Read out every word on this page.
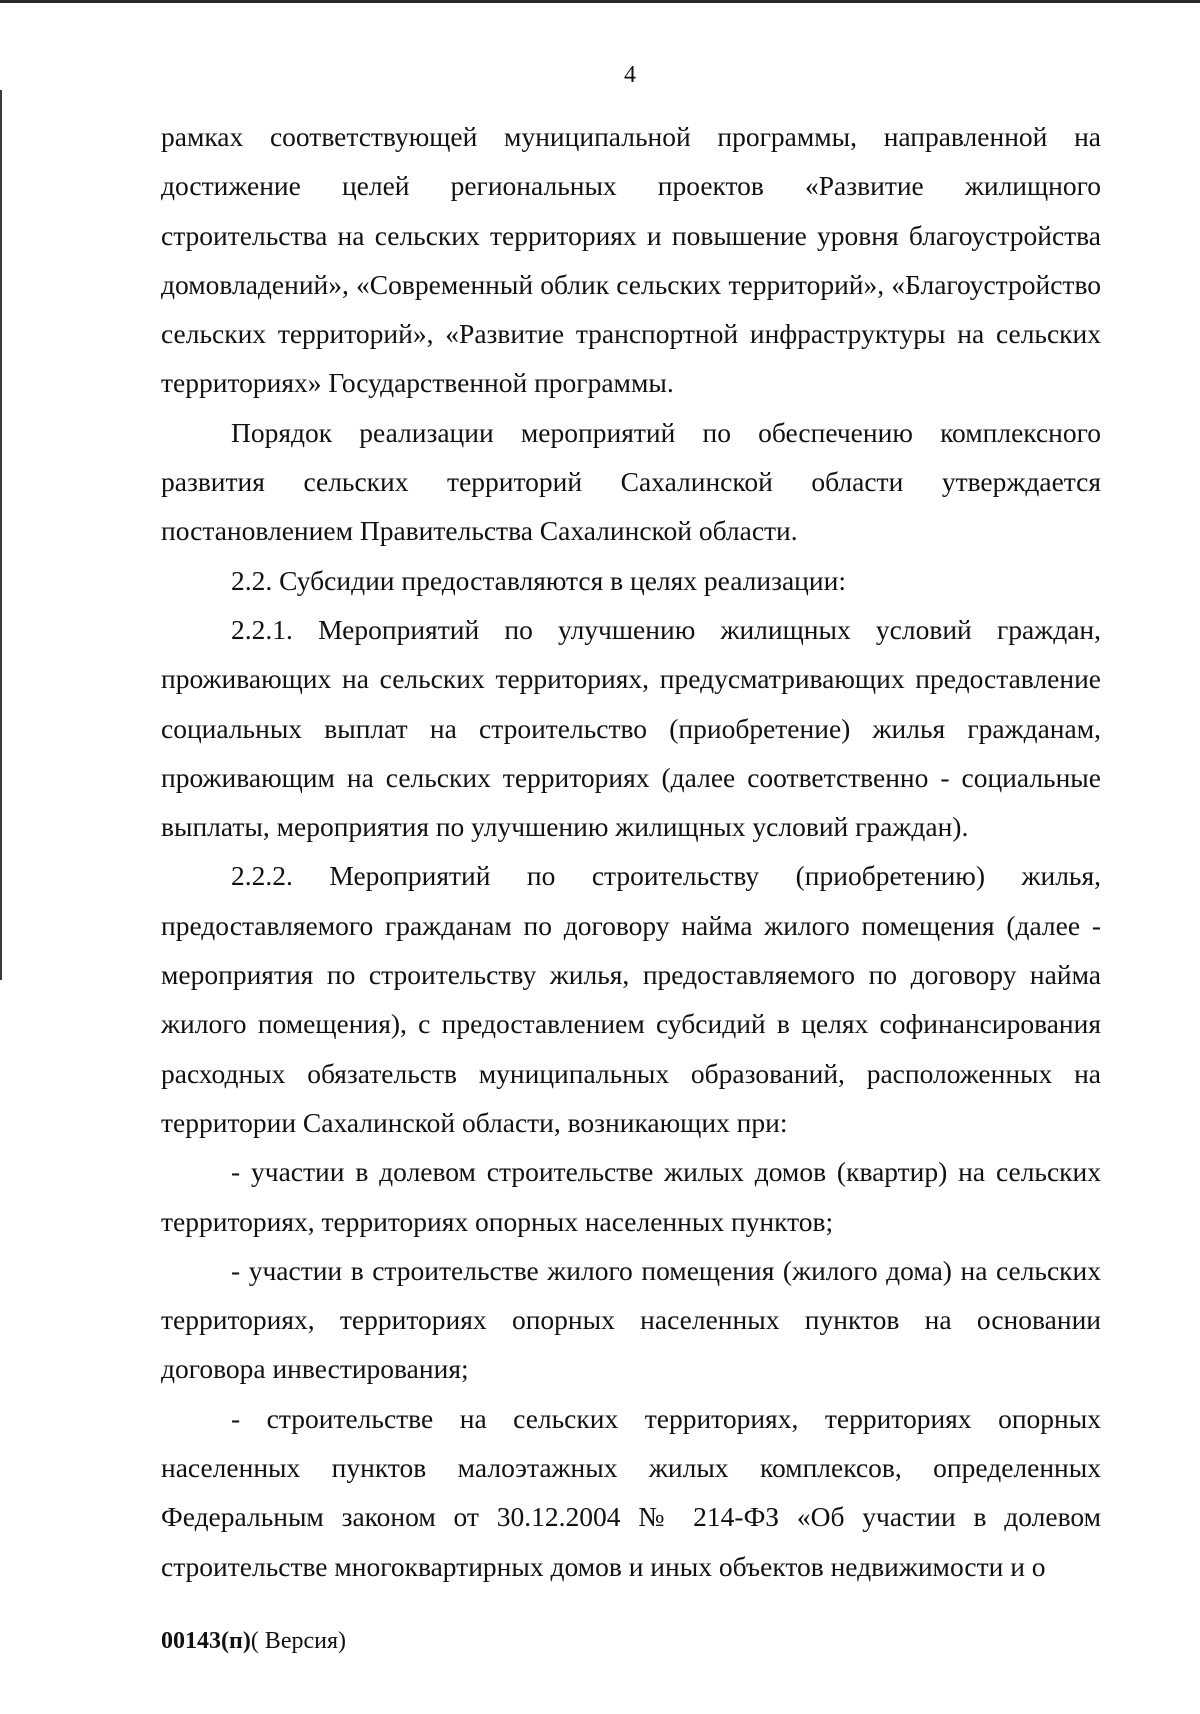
4

рамках соответствующей муниципальной программы, направленной на достижение целей региональных проектов «Развитие жилищного строительства на сельских территориях и повышение уровня благоустройства домовладений», «Современный облик сельских территорий», «Благоустройство сельских территорий», «Развитие транспортной инфраструктуры на сельских территориях» Государственной программы.

Порядок реализации мероприятий по обеспечению комплексного развития сельских территорий Сахалинской области утверждается постановлением Правительства Сахалинской области.

2.2. Субсидии предоставляются в целях реализации:

2.2.1. Мероприятий по улучшению жилищных условий граждан, проживающих на сельских территориях, предусматривающих предоставление социальных выплат на строительство (приобретение) жилья гражданам, проживающим на сельских территориях (далее соответственно - социальные выплаты, мероприятия по улучшению жилищных условий граждан).

2.2.2. Мероприятий по строительству (приобретению) жилья, предоставляемого гражданам по договору найма жилого помещения (далее - мероприятия по строительству жилья, предоставляемого по договору найма жилого помещения), с предоставлением субсидий в целях софинансирования расходных обязательств муниципальных образований, расположенных на территории Сахалинской области, возникающих при:

- участии в долевом строительстве жилых домов (квартир) на сельских территориях, территориях опорных населенных пунктов;

- участии в строительстве жилого помещения (жилого дома) на сельских территориях, территориях опорных населенных пунктов на основании договора инвестирования;

- строительстве на сельских территориях, территориях опорных населенных пунктов малоэтажных жилых комплексов, определенных Федеральным законом от 30.12.2004 № 214-ФЗ «Об участии в долевом строительстве многоквартирных домов и иных объектов недвижимости и о

00143(п)( Версия)
